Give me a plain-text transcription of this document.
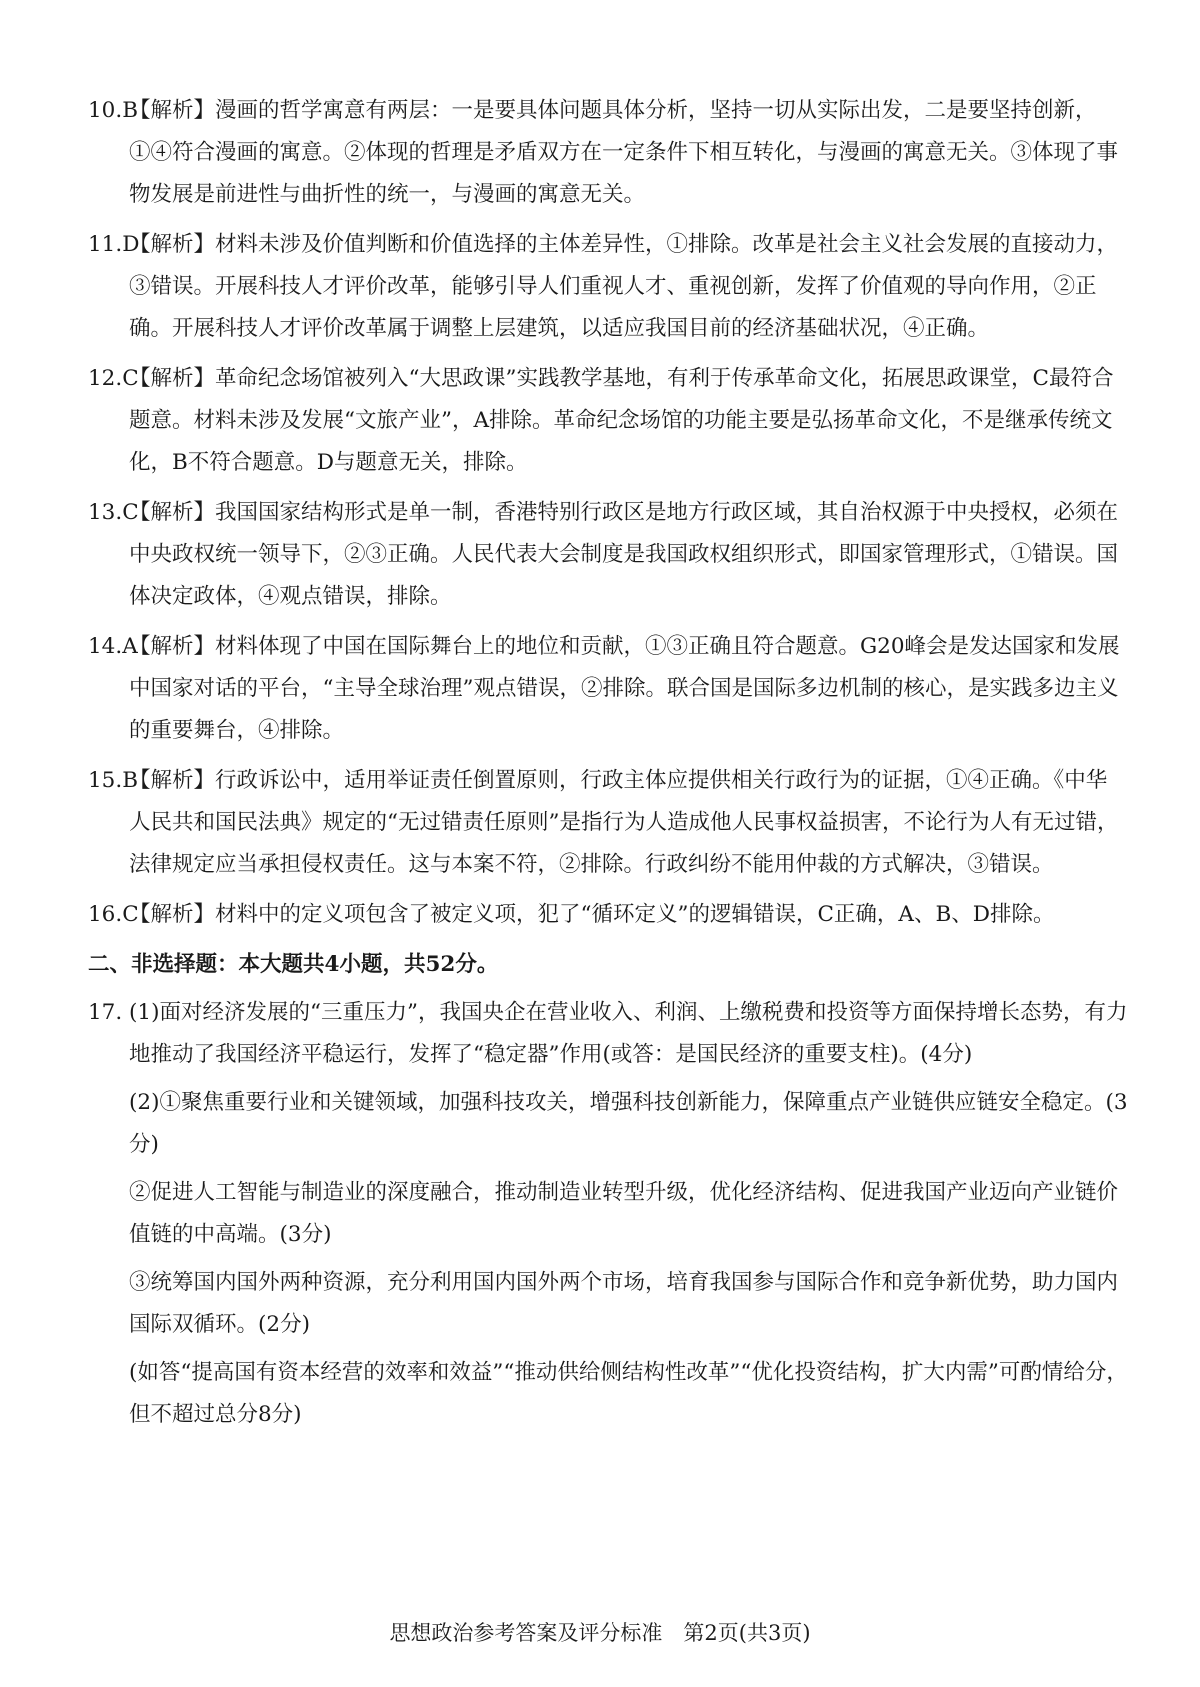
10.B【解析】漫画的哲学寓意有两层：一是要具体问题具体分析，坚持一切从实际出发，二是要坚持创新，①④符合漫画的寓意。②体现的哲理是矛盾双方在一定条件下相互转化，与漫画的寓意无关。③体现了事物发展是前进性与曲折性的统一，与漫画的寓意无关。
11.D【解析】材料未涉及价值判断和价值选择的主体差异性，①排除。改革是社会主义社会发展的直接动力，③错误。开展科技人才评价改革，能够引导人们重视人才、重视创新，发挥了价值观的导向作用，②正确。开展科技人才评价改革属于调整上层建筑，以适应我国目前的经济基础状况，④正确。
12.C【解析】革命纪念场馆被列入“大思政课”实践教学基地，有利于传承革命文化，拓展思政课堂，C最符合题意。材料未涉及发展“文旅产业”，A排除。革命纪念场馆的功能主要是弘扬革命文化，不是继承传统文化，B不符合题意。D与题意无关，排除。
13.C【解析】我国国家结构形式是单一制，香港特别行政区是地方行政区域，其自治权源于中央授权，必须在中央政权统一领导下，②③正确。人民代表大会制度是我国政权组织形式，即国家管理形式，①错误。国体决定政体，④观点错误，排除。
14.A【解析】材料体现了中国在国际舞台上的地位和贡献，①③正确且符合题意。G20峰会是发达国家和发展中国家对话的平台，“主导全球治理”观点错误，②排除。联合国是国际多边机制的核心，是实践多边主义的重要舞台，④排除。
15.B【解析】行政诉讼中，适用举证责任倒置原则，行政主体应提供相关行政行为的证据，①④正确。《中华人民共和国民法典》规定的“无过错责任原则”是指行为人造成他人民事权益损害，不论行为人有无过错，法律规定应当承担侵权责任。这与本案不符，②排除。行政纠纷不能用仲裁的方式解决，③错误。
16.C【解析】材料中的定义项包含了被定义项，犯了“循环定义”的逻辑错误，C正确，A、B、D排除。
二、非选择题：本大题共4小题，共52分。
17. (1)面对经济发展的“三重压力”，我国央企在营业收入、利润、上缴税费和投资等方面保持增长态势，有力地推动了我国经济平稳运行，发挥了“稳定器”作用(或答：是国民经济的重要支柱)。(4分)
(2)①聚焦重要行业和关键领域，加强科技攻关，增强科技创新能力，保障重点产业链供应链安全稳定。(3分)
②促进人工智能与制造业的深度融合，推动制造业转型升级，优化经济结构、促进我国产业迈向产业链价值链的中高端。(3分)
③统筹国内国外两种资源，充分利用国内国外两个市场，培育我国参与国际合作和竞争新优势，助力国内国际双循环。(2分)
(如答“提高国有资本经营的效率和效益”“推动供给侧结构性改革”“优化投资结构，扩大内需”可酌情给分，但不超过总分8分)
思想政治参考答案及评分标准　第2页(共3页)
